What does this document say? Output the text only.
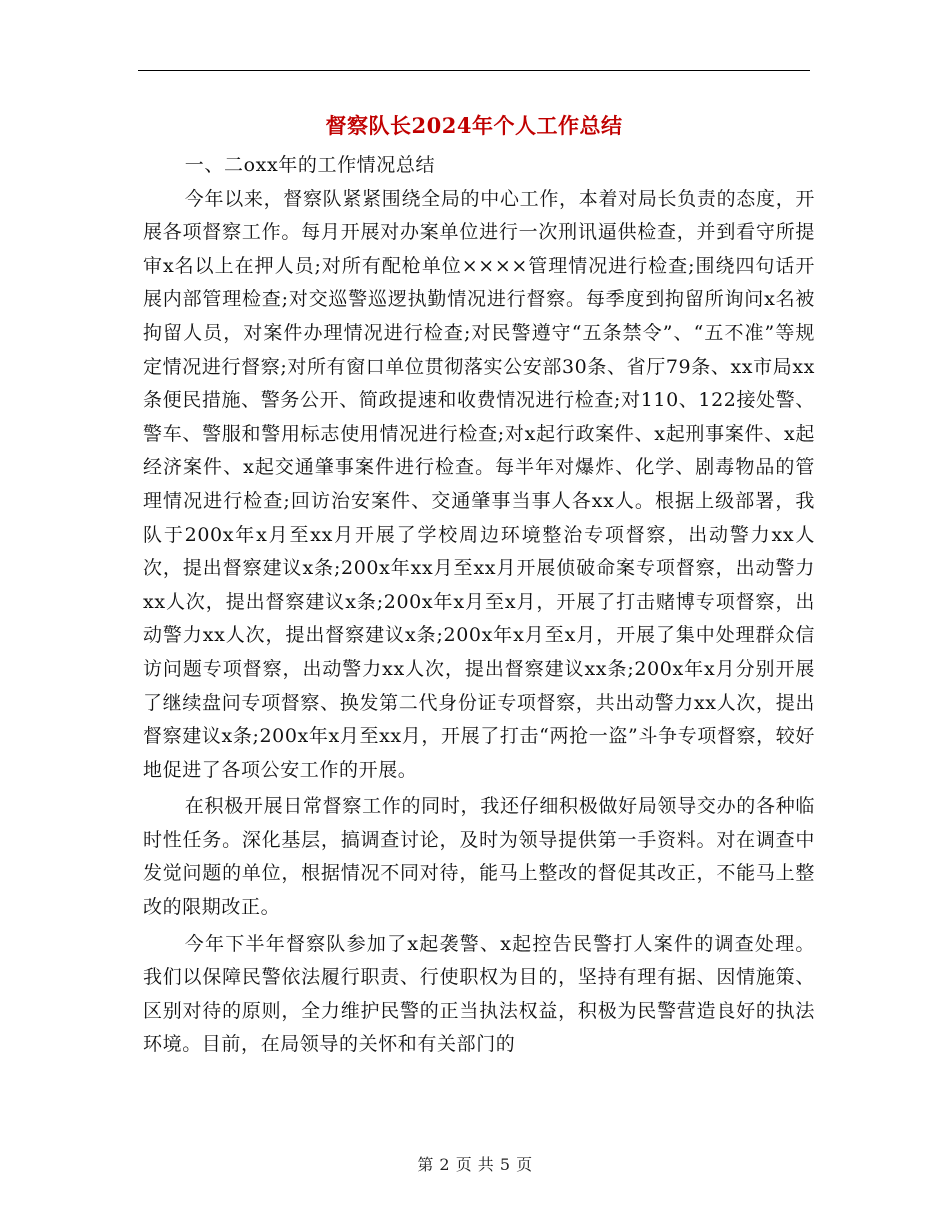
督察队长2024年个人工作总结

一、二oxx年的工作情况总结

今年以来，督察队紧紧围绕全局的中心工作，本着对局长负责的态度，开展各项督察工作。每月开展对办案单位进行一次刑讯逼供检查，并到看守所提审x名以上在押人员;对所有配枪单位××××管理情况进行检查;围绕四句话开展内部管理检查;对交巡警巡逻执勤情况进行督察。每季度到拘留所询问x名被拘留人员，对案件办理情况进行检查;对民警遵守“五条禁令”、“五不准”等规定情况进行督察;对所有窗口单位贯彻落实公安部30条、省厅79条、xx市局xx条便民措施、警务公开、简政提速和收费情况进行检查;对110、122接处警、警车、警服和警用标志使用情况进行检查;对x起行政案件、x起刑事案件、x起经济案件、x起交通肇事案件进行检查。每半年对爆炸、化学、剧毒物品的管理情况进行检查;回访治安案件、交通肇事当事人各xx人。根据上级部署，我队于200x年x月至xx月开展了学校周边环境整治专项督察，出动警力xx人次，提出督察建议x条;200x年xx月至xx月开展侦破命案专项督察，出动警力xx人次，提出督察建议x条;200x年x月至x月，开展了打击赌博专项督察，出动警力xx人次，提出督察建议x条;200x年x月至x月，开展了集中处理群众信访问题专项督察，出动警力xx人次，提出督察建议xx条;200x年x月分别开展了继续盘问专项督察、换发第二代身份证专项督察，共出动警力xx人次，提出督察建议x条;200x年x月至xx月，开展了打击“两抢一盗”斗争专项督察，较好地促进了各项公安工作的开展。

在积极开展日常督察工作的同时，我还仔细积极做好局领导交办的各种临时性任务。深化基层，搞调查讨论，及时为领导提供第一手资料。对在调查中发觉问题的单位，根据情况不同对待，能马上整改的督促其改正，不能马上整改的限期改正。

今年下半年督察队参加了x起袭警、x起控告民警打人案件的调查处理。我们以保障民警依法履行职责、行使职权为目的，坚持有理有据、因情施策、区别对待的原则，全力维护民警的正当执法权益，积极为民警营造良好的执法环境。目前，在局领导的关怀和有关部门的

第 2 页 共 5 页
